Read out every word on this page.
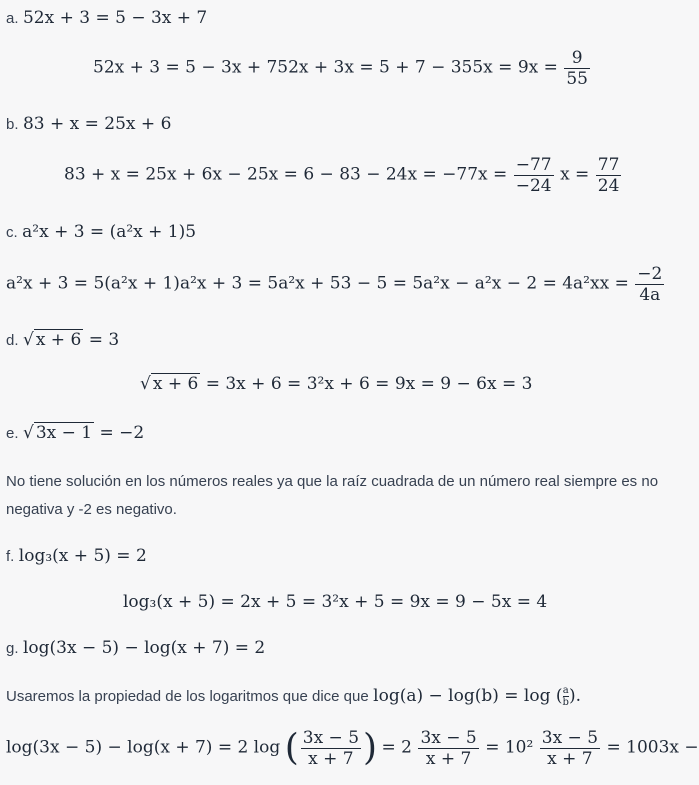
a. 52x + 3 = 5 − 3x + 7
$52x + 3 = 5 - 3x + 752x + 3x = 5 + 7 - 355x = 9x = \frac{9}{55}$
b. 83 + x = 25x + 6
$83 + x = 25x + 6x - 25x = 6 - 83 - 24x = -77x = \frac{-77}{-24}$ $x = \frac{77}{24}$
c. a²x + 3 = (a²x + 1)5
$a^2x + 3 = 5(a^2x + 1)a^2x + 3 = 5a^2x + 53 - 5 = 5a^2x - a^2x - 2 = 4a^2xx = \frac{-2}{4a}$
d. √ x + 6 = 3
√ x + 6 = 3x + 6 = 3²x + 6 = 9x = 9 − 6x = 3
e. √ 3x − 1 = −2
No tiene solución en los números reales ya que la raíz cuadrada de un número real siempre es no negativa y -2 es negativo.
f. log₃(x + 5) = 2
log₃(x + 5) = 2x + 5 = 3²x + 5 = 9x = 9 − 5x = 4
g. log(3x − 5) − log(x + 7) = 2
Usaremos la propiedad de los logaritmos que dice que log(a) − log(b) = log ( $\frac{a}{b}$ ).
log(3x − 5) − log(x + 7) = 2 log ( $\frac{3x - 5}{x + 7}$ ) = $2 \frac{3x - 5}{x + 7} = 10^2 \frac{3x - 5}{x + 7} = 1003x$ −
